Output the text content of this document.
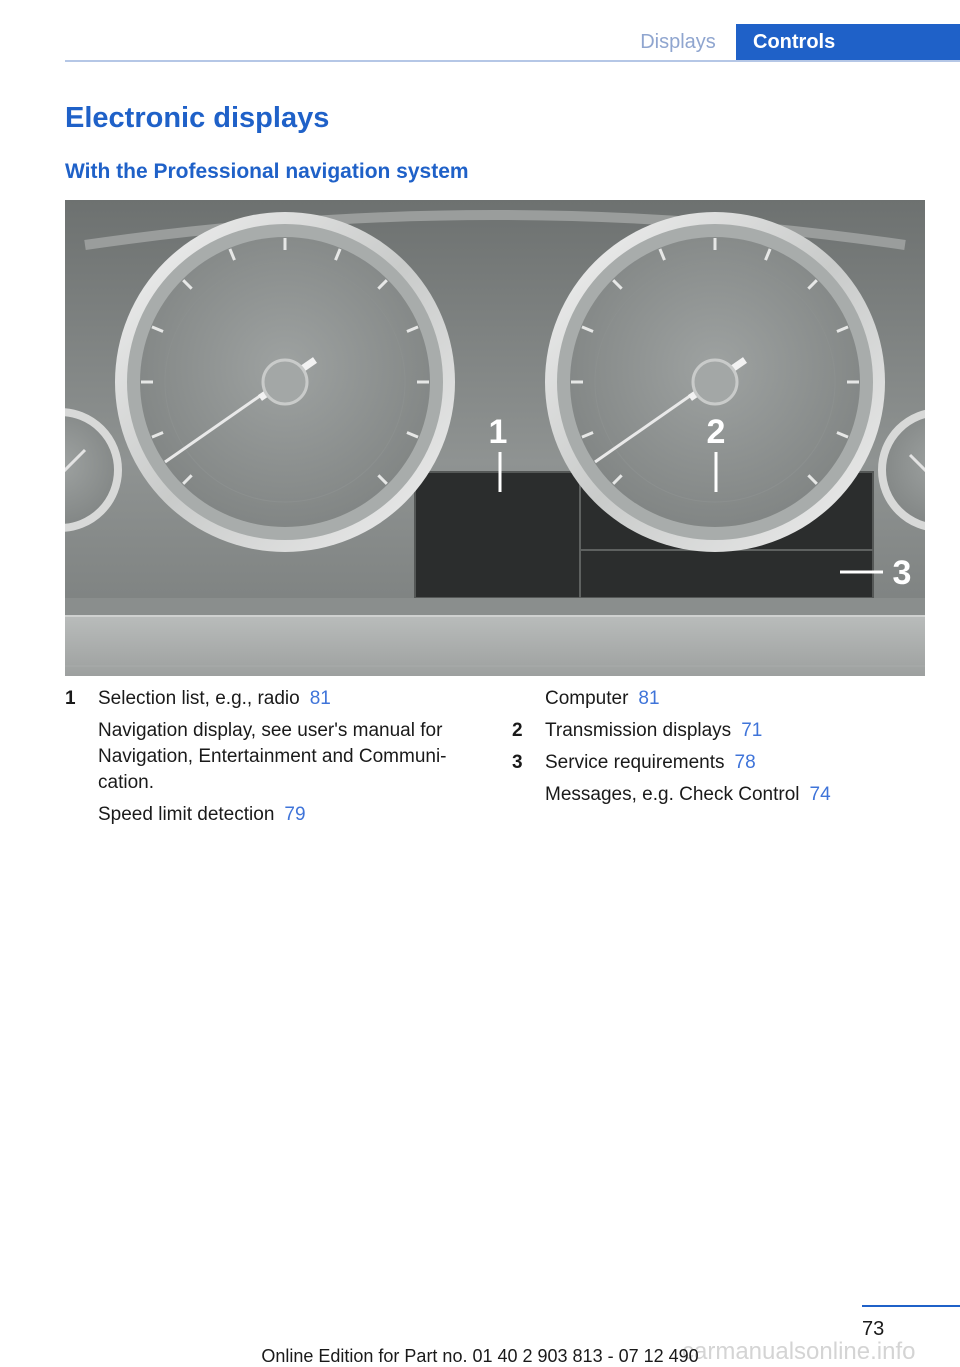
Displays	Controls
Electronic displays
With the Professional navigation system
1	2
3
1 Selection list, e.g., radio 81

Navigation display, see user's manual for Navigation, Entertainment and Communi‐cation.

Speed limit detection 79

Computer 81

2 Transmission displays 71

3 Service requirements 78

Messages, e.g. Check Control 74

73
carmanualsonline.info
Online Edition for Part no. 01 40 2 903 813 - 07 12 490
